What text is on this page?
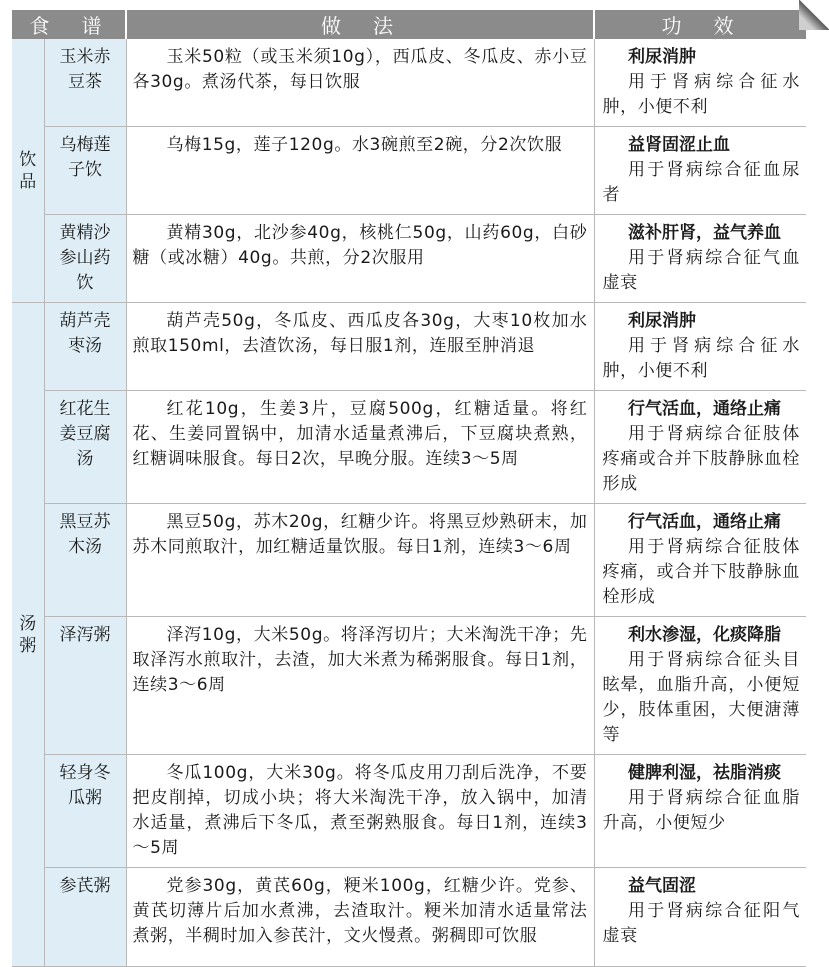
食　谱		做　法	功　效
饮品	玉米赤豆茶	玉米50粒（或玉米须10g），西瓜皮、冬瓜皮、赤小豆各30g。煮汤代茶，每日饮服	利尿消肿
用于肾病综合征水肿，小便不利

	乌梅莲子饮	乌梅15g，莲子120g。水3碗煎至2碗，分2次饮服	益肾固涩止血
用于肾病综合征血尿者

	黄精沙参山药饮	黄精30g，北沙参40g，核桃仁50g，山药60g，白砂糖（或冰糖）40g。共煎，分2次服用	滋补肝肾，益气养血
用于肾病综合征气血虚衰

汤粥	葫芦壳枣汤	葫芦壳50g，冬瓜皮、西瓜皮各30g，大枣10枚加水煎取150ml，去渣饮汤，每日服1剂，连服至肿消退	利尿消肿
用于肾病综合征水肿，小便不利

	红花生姜豆腐汤	红花10g，生姜3片，豆腐500g，红糖适量。将红花、生姜同置锅中，加清水适量煮沸后，下豆腐块煮熟，红糖调味服食。每日2次，早晚分服。连续3～5周	行气活血，通络止痛
用于肾病综合征肢体疼痛或合并下肢静脉血栓形成

	黑豆苏木汤	黑豆50g，苏木20g，红糖少许。将黑豆炒熟研末，加苏木同煎取汁，加红糖适量饮服。每日1剂，连续3～6周	行气活血，通络止痛
用于肾病综合征肢体疼痛，或合并下肢静脉血栓形成

	泽泻粥	泽泻10g，大米50g。将泽泻切片；大米淘洗干净；先取泽泻水煎取汁，去渣，加大米煮为稀粥服食。每日1剂，连续3～6周	利水渗湿，化痰降脂
用于肾病综合征头目眩晕，血脂升高，小便短少，肢体重困，大便溏薄等

	轻身冬瓜粥	冬瓜100g，大米30g。将冬瓜皮用刀刮后洗净，不要把皮削掉，切成小块；将大米淘洗干净，放入锅中，加清水适量，煮沸后下冬瓜，煮至粥熟服食。每日1剂，连续3～5周	健脾利湿，祛脂消痰
用于肾病综合征血脂升高，小便短少

	参芪粥	党参30g，黄芪60g，粳米100g，红糖少许。党参、黄芪切薄片后加水煮沸，去渣取汁。粳米加清水适量常法煮粥，半稠时加入参芪汁，文火慢煮。粥稠即可饮服	益气固涩
用于肾病综合征阳气虚衰
